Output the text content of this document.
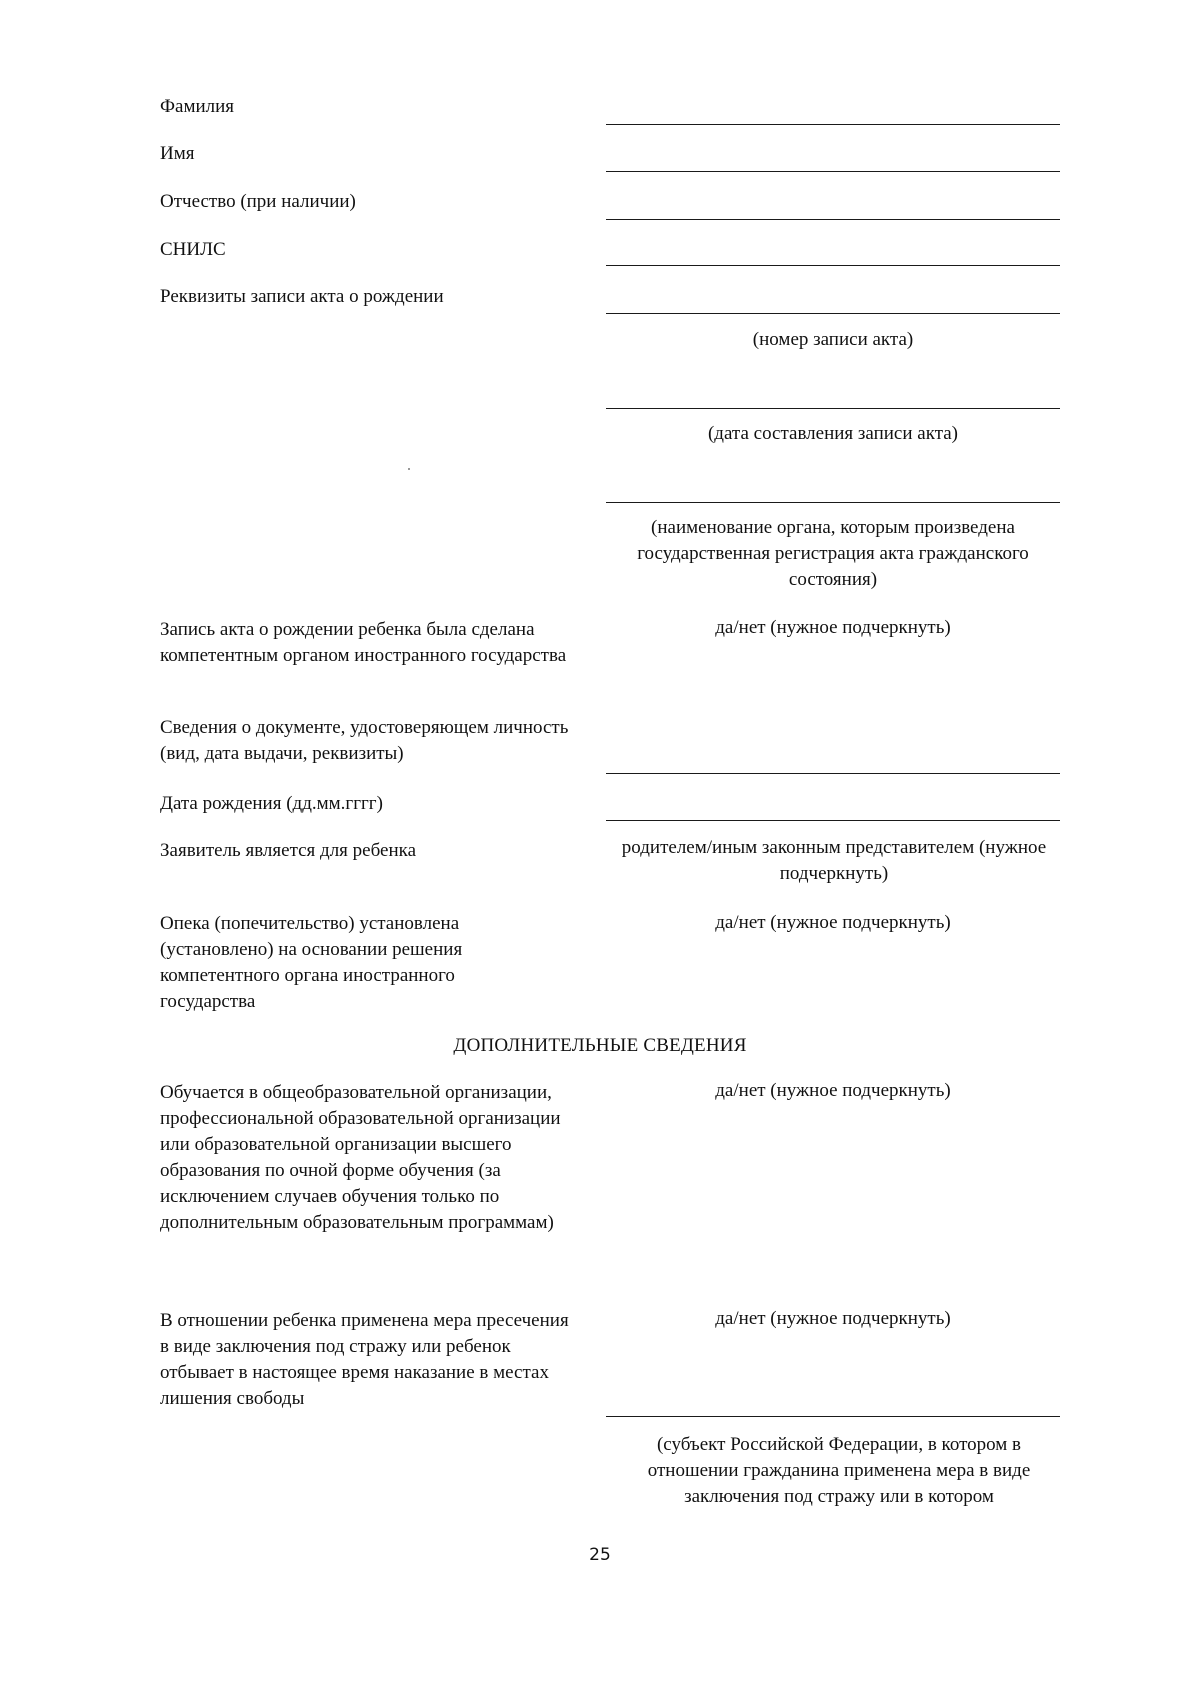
Фамилия
Имя
Отчество (при наличии)
СНИЛС
Реквизиты записи акта о рождении
(номер записи акта)
(дата составления записи акта)
(наименование органа, которым произведена государственная регистрация акта гражданского состояния)
Запись акта о рождении ребенка была сделана компетентным органом иностранного государства
да/нет (нужное подчеркнуть)
Сведения о документе, удостоверяющем личность (вид, дата выдачи, реквизиты)
Дата рождения (дд.мм.гггг)
Заявитель является для ребенка	родителем/иным законным представителем (нужное подчеркнуть)
Опека (попечительство) установлена (установлено) на основании решения компетентного органа иностранного государства
да/нет (нужное подчеркнуть)
ДОПОЛНИТЕЛЬНЫЕ СВЕДЕНИЯ
Обучается в общеобразовательной организации, профессиональной образовательной организации или образовательной организации высшего образования по очной форме обучения (за исключением случаев обучения только по дополнительным образовательным программам)
да/нет (нужное подчеркнуть)
В отношении ребенка применена мера пресечения в виде заключения под стражу или ребенок отбывает в настоящее время наказание в местах лишения свободы
да/нет (нужное подчеркнуть)
(субъект Российской Федерации, в котором в отношении гражданина применена мера в виде заключения под стражу или в котором
25
